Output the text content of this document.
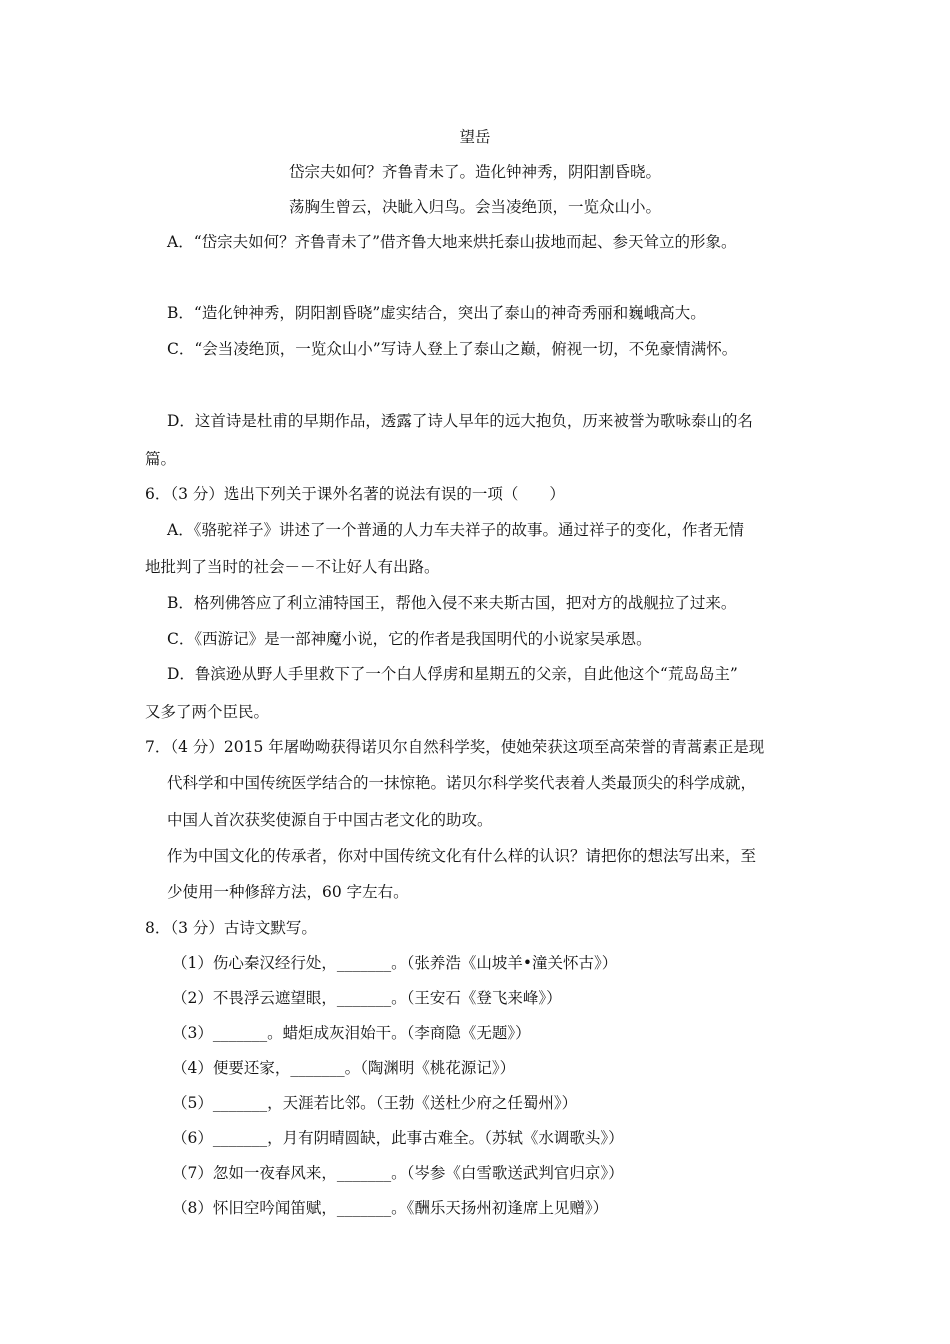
望岳
岱宗夫如何？齐鲁青未了。造化钟神秀，阴阳割昏晓。
荡胸生曾云，决眦入归鸟。会当凌绝顶，一览众山小。
A．“岱宗夫如何？齐鲁青未了”借齐鲁大地来烘托泰山拔地而起、参天耸立的形象。
B．“造化钟神秀，阴阳割昏晓”虚实结合，突出了泰山的神奇秀丽和巍峨高大。
C．“会当凌绝顶，一览众山小”写诗人登上了泰山之巅，俯视一切，不免豪情满怀。
D．这首诗是杜甫的早期作品，透露了诗人早年的远大抱负，历来被誉为歌咏泰山的名
篇。
6．（3 分）选出下列关于课外名著的说法有误的一项（　　）
A．《骆驼祥子》讲述了一个普通的人力车夫祥子的故事。通过祥子的变化，作者无情
地批判了当时的社会－－不让好人有出路。
B．格列佛答应了利立浦特国王，帮他入侵不来夫斯古国，把对方的战舰拉了过来。
C．《西游记》是一部神魔小说，它的作者是我国明代的小说家吴承恩。
D．鲁滨逊从野人手里救下了一个白人俘虏和星期五的父亲，自此他这个“荒岛岛主”
又多了两个臣民。
7．（4 分）2015 年屠呦呦获得诺贝尔自然科学奖，使她荣获这项至高荣誉的青蒿素正是现
代科学和中国传统医学结合的一抹惊艳。诺贝尔科学奖代表着人类最顶尖的科学成就，
中国人首次获奖使源自于中国古老文化的助攻。
作为中国文化的传承者，你对中国传统文化有什么样的认识？请把你的想法写出来，至
少使用一种修辞方法，60 字左右。
8．（3 分）古诗文默写。
（1）伤心秦汉经行处，_______。（张养浩《山坡羊•潼关怀古》）
（2）不畏浮云遮望眼，_______。（王安石《登飞来峰》）
（3）_______。蜡炬成灰泪始干。（李商隐《无题》）
（4）便要还家，_______。（陶渊明《桃花源记》）
（5）_______，天涯若比邻。（王勃《送杜少府之任蜀州》）
（6）_______，月有阴晴圆缺，此事古难全。（苏轼《水调歌头》）
（7）忽如一夜春风来，_______。（岑参《白雪歌送武判官归京》）
（8）怀旧空吟闻笛赋，_______。《酬乐天扬州初逢席上见赠》）
